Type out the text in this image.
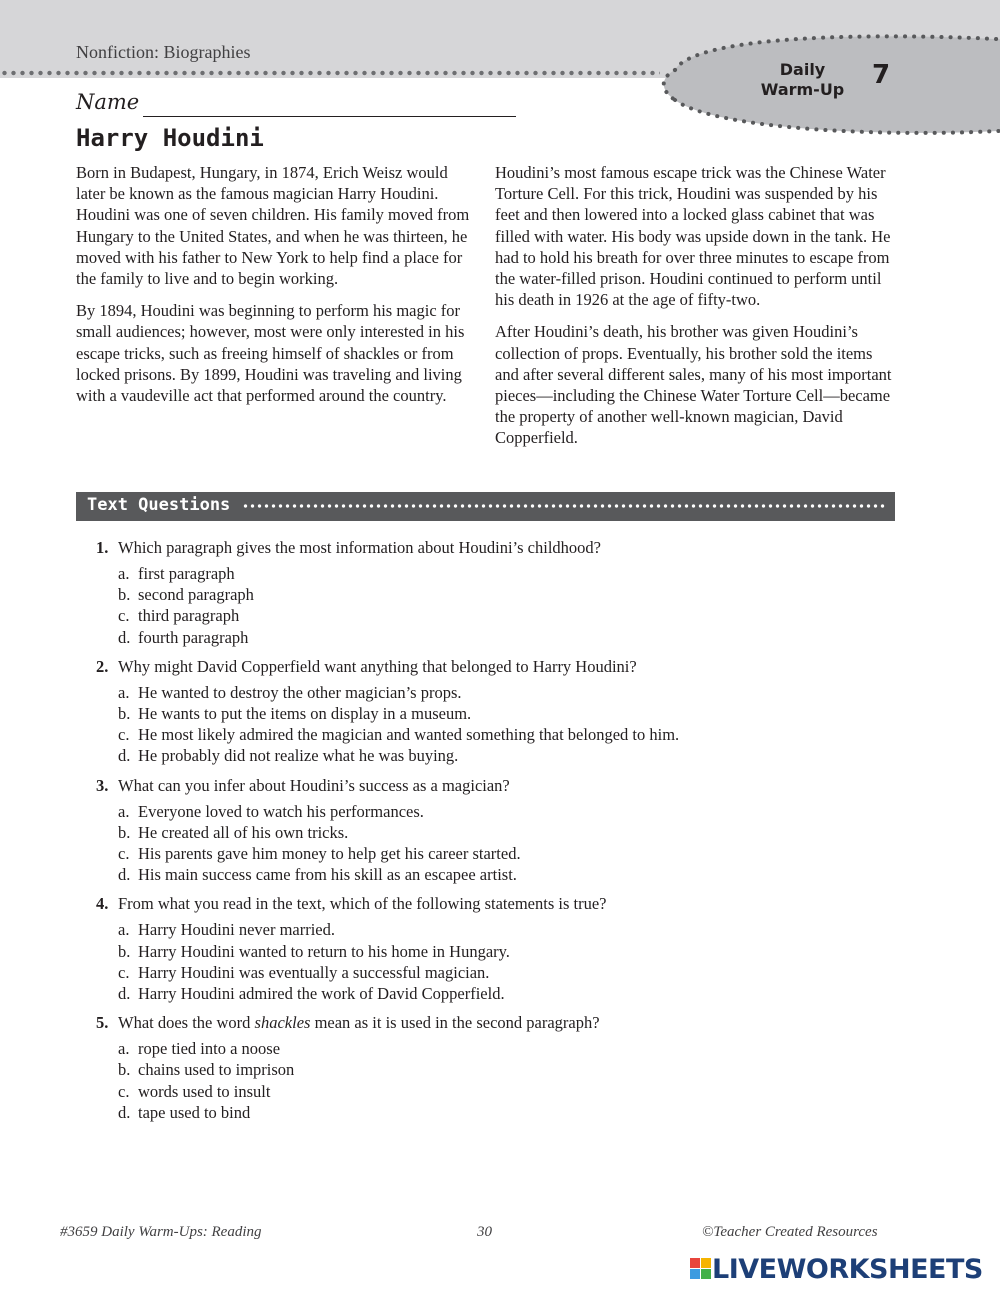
Nonfiction: Biographies
Daily
Warm-Up 7
Name
Harry Houdini

Born in Budapest, Hungary, in 1874, Erich Weisz would later be known as the famous magician Harry Houdini. Houdini was one of seven children. His family moved from Hungary to the United States, and when he was thirteen, he moved with his father to New York to help find a place for the family to live and to begin working.

By 1894, Houdini was beginning to perform his magic for small audiences; however, most were only interested in his escape tricks, such as freeing himself of shackles or from locked prisons. By 1899, Houdini was traveling and living with a vaudeville act that performed around the country.

Houdini’s most famous escape trick was the Chinese Water Torture Cell. For this trick, Houdini was suspended by his feet and then lowered into a locked glass cabinet that was filled with water. His body was upside down in the tank. He had to hold his breath for over three minutes to escape from the water-filled prison. Houdini continued to perform until his death in 1926 at the age of fifty-two.

After Houdini’s death, his brother was given Houdini’s collection of props. Eventually, his brother sold the items and after several different sales, many of his most important pieces—including the Chinese Water Torture Cell—became the property of another well-known magician, David Copperfield.

Text Questions
1. Which paragraph gives the most information about Houdini’s childhood?
a. first paragraph
b. second paragraph
c. third paragraph
d. fourth paragraph
2. Why might David Copperfield want anything that belonged to Harry Houdini?
a. He wanted to destroy the other magician’s props.
b. He wants to put the items on display in a museum.
c. He most likely admired the magician and wanted something that belonged to him.
d. He probably did not realize what he was buying.
3. What can you infer about Houdini’s success as a magician?
a. Everyone loved to watch his performances.
b. He created all of his own tricks.
c. His parents gave him money to help get his career started.
d. His main success came from his skill as an escapee artist.
4. From what you read in the text, which of the following statements is true?
a. Harry Houdini never married.
b. Harry Houdini wanted to return to his home in Hungary.
c. Harry Houdini was eventually a successful magician.
d. Harry Houdini admired the work of David Copperfield.
5. What does the word shackles mean as it is used in the second paragraph?
a. rope tied into a noose
b. chains used to imprison
c. words used to insult
d. tape used to bind
#3659 Daily Warm-Ups: Reading	30	©Teacher Created Resources
LIVEWORKSHEETS
